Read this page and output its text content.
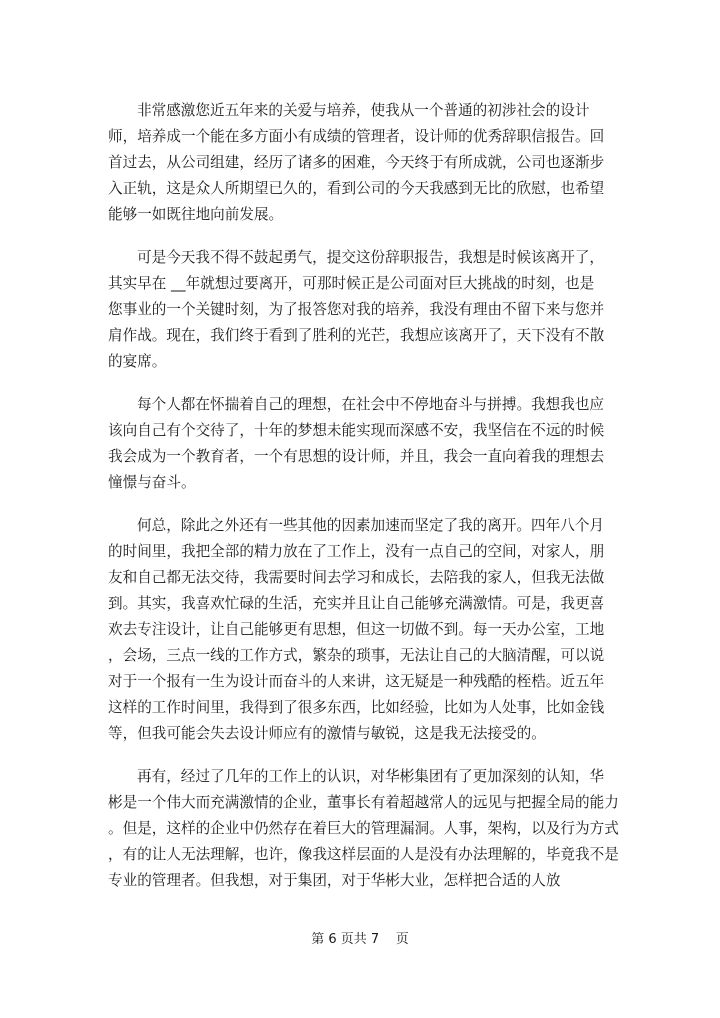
非常感激您近五年来的关爱与培养，使我从一个普通的初涉社会的设计
师，培养成一个能在多方面小有成绩的管理者，设计师的优秀辞职信报告。回
首过去，从公司组建，经历了诸多的困难，今天终于有所成就，公司也逐渐步
入正轨，这是众人所期望已久的，看到公司的今天我感到无比的欣慰，也希望
能够一如既往地向前发展。
可是今天我不得不鼓起勇气，提交这份辞职报告，我想是时候该离开了，
其实早在 __年就想过要离开，可那时候正是公司面对巨大挑战的时刻，也是
您事业的一个关键时刻，为了报答您对我的培养，我没有理由不留下来与您并
肩作战。现在，我们终于看到了胜利的光芒，我想应该离开了，天下没有不散
的宴席。
每个人都在怀揣着自己的理想，在社会中不停地奋斗与拼搏。我想我也应
该向自己有个交待了，十年的梦想未能实现而深感不安，我坚信在不远的时候
我会成为一个教育者，一个有思想的设计师，并且，我会一直向着我的理想去
憧憬与奋斗。
何总，除此之外还有一些其他的因素加速而坚定了我的离开。四年八个月
的时间里，我把全部的精力放在了工作上，没有一点自己的空间，对家人，朋
友和自己都无法交待，我需要时间去学习和成长，去陪我的家人，但我无法做
到。其实，我喜欢忙碌的生活，充实并且让自己能够充满激情。可是，我更喜
欢去专注设计，让自己能够更有思想，但这一切做不到。每一天办公室，工地
，会场，三点一线的工作方式，繁杂的琐事，无法让自己的大脑清醒，可以说
对于一个报有一生为设计而奋斗的人来讲，这无疑是一种残酷的桎梏。近五年
这样的工作时间里，我得到了很多东西，比如经验，比如为人处事，比如金钱
等，但我可能会失去设计师应有的激情与敏锐，这是我无法接受的。
再有，经过了几年的工作上的认识，对华彬集团有了更加深刻的认知，华
彬是一个伟大而充满激情的企业，董事长有着超越常人的远见与把握全局的能力
。但是，这样的企业中仍然存在着巨大的管理漏洞。人事，架构，以及行为方式
，有的让人无法理解，也许，像我这样层面的人是没有办法理解的，毕竟我不是
专业的管理者。但我想，对于集团，对于华彬大业，怎样把合适的人放
第 6 页共 7    页
